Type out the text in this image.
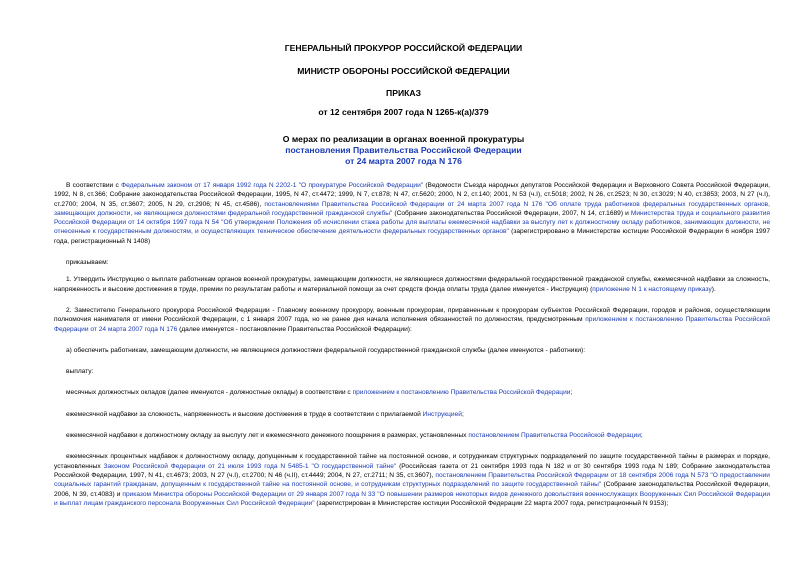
ГЕНЕРАЛЬНЫЙ ПРОКУРОР РОССИЙСКОЙ ФЕДЕРАЦИИ
МИНИСТР ОБОРОНЫ РОССИЙСКОЙ ФЕДЕРАЦИИ
ПРИКАЗ
от 12 сентября 2007 года N 1265-к(а)/379
О мерах по реализации в органах военной прокуратуры
постановления Правительства Российской Федерации
от 24 марта 2007 года N 176

В соответствии с Федеральным законом от 17 января 1992 года N 2202-1 "О прокуратуре Российской Федерации" (Ведомости Съезда народных депутатов Российской Федерации и Верховного Совета Российской Федерации, 1992, N 8, ст.366; Собрание законодательства Российской Федерации, 1995, N 47, ст.4472; 1999, N 7, ст.878; N 47, ст.5620; 2000, N 2, ст.140; 2001, N 53 (ч.I), ст.5018; 2002, N 26, ст.2523; N 30, ст.3029; N 40, ст.3853; 2003, N 27 (ч.I), ст.2700; 2004, N 35, ст.3607; 2005, N 29, ст.2906; N 45, ст.4586), постановлениями Правительства Российской Федерации от 24 марта 2007 года N 176 "Об оплате труда работников федеральных государственных органов, замещающих должности, не являющиеся должностями федеральной государственной гражданской службы" (Собрание законодательства Российской Федерации, 2007, N 14, ст.1689) и Министерства труда и социального развития Российской Федерации от 14 октября 1997 года N 54 "Об утверждении Положения об исчислении стажа работы для выплаты ежемесячной надбавки за выслугу лет к должностному окладу работников, занимающих должности, не отнесенные к государственным должностям, и осуществляющих техническое обеспечение деятельности федеральных государственных органов" (зарегистрировано в Министерстве юстиции Российской Федерации 6 ноября 1997 года, регистрационный N 1408)

приказываем:

1. Утвердить Инструкцию о выплате работникам органов военной прокуратуры, замещающим должности, не являющиеся должностями федеральной государственной гражданской службы, ежемесячной надбавки за сложность, напряженность и высокие достижения в труде, премии по результатам работы и материальной помощи за счет средств фонда оплаты труда (далее именуется - Инструкция) (приложение N 1 к настоящему приказу).

2. Заместителю Генерального прокурора Российской Федерации - Главному военному прокурору, военным прокурорам, приравненным к прокурорам субъектов Российской Федерации, городов и районов, осуществляющим полномочия нанимателя от имени Российской Федерации, с 1 января 2007 года, но не ранее дня начала исполнения обязанностей по должностям, предусмотренным приложением к постановлению Правительства Российской Федерации от 24 марта 2007 года N 176 (далее именуется - постановление Правительства Российской Федерации):

а) обеспечить работникам, замещающим должности, не являющиеся должностями федеральной государственной гражданской службы (далее именуются - работники):

выплату:

месячных должностных окладов (далее именуются - должностные оклады) в соответствии с приложением к постановлению Правительства Российской Федерации;

ежемесячной надбавки за сложность, напряженность и высокие достижения в труде в соответствии с прилагаемой Инструкцией;

ежемесячной надбавки к должностному окладу за выслугу лет и ежемесячного денежного поощрения в размерах, установленных постановлением Правительства Российской Федерации;

ежемесячных процентных надбавок к должностному окладу, допущенным к государственной тайне на постоянной основе, и сотрудникам структурных подразделений по защите государственной тайны в размерах и порядке, установленных Законом Российской Федерации от 21 июля 1993 года N 5485-1 "О государственной тайне" (Российская газета от 21 сентября 1993 года N 182 и от 30 сентября 1993 года N 189; Собрание законодательства Российской Федерации, 1997, N 41, ст.4673; 2003, N 27 (ч.I), ст.2700; N 46 (ч.II), ст.4449; 2004, N 27, ст.2711; N 35, ст.3607), постановлением Правительства Российской Федерации от 18 сентября 2006 года N 573 "О предоставлении социальных гарантий гражданам, допущенным к государственной тайне на постоянной основе, и сотрудникам структурных подразделений по защите государственной тайны" (Собрание законодательства Российской Федерации, 2006, N 39, ст.4083) и приказом Министра обороны Российской Федерации от 29 января 2007 года N 33 "О повышении размеров некоторых видов денежного довольствия военнослужащих Вооруженных Сил Российской Федерации и выплат лицам гражданского персонала Вооруженных Сил Российской Федерации" (зарегистрирован в Министерстве юстиции Российской Федерации 22 марта 2007 года, регистрационный N 9153);
